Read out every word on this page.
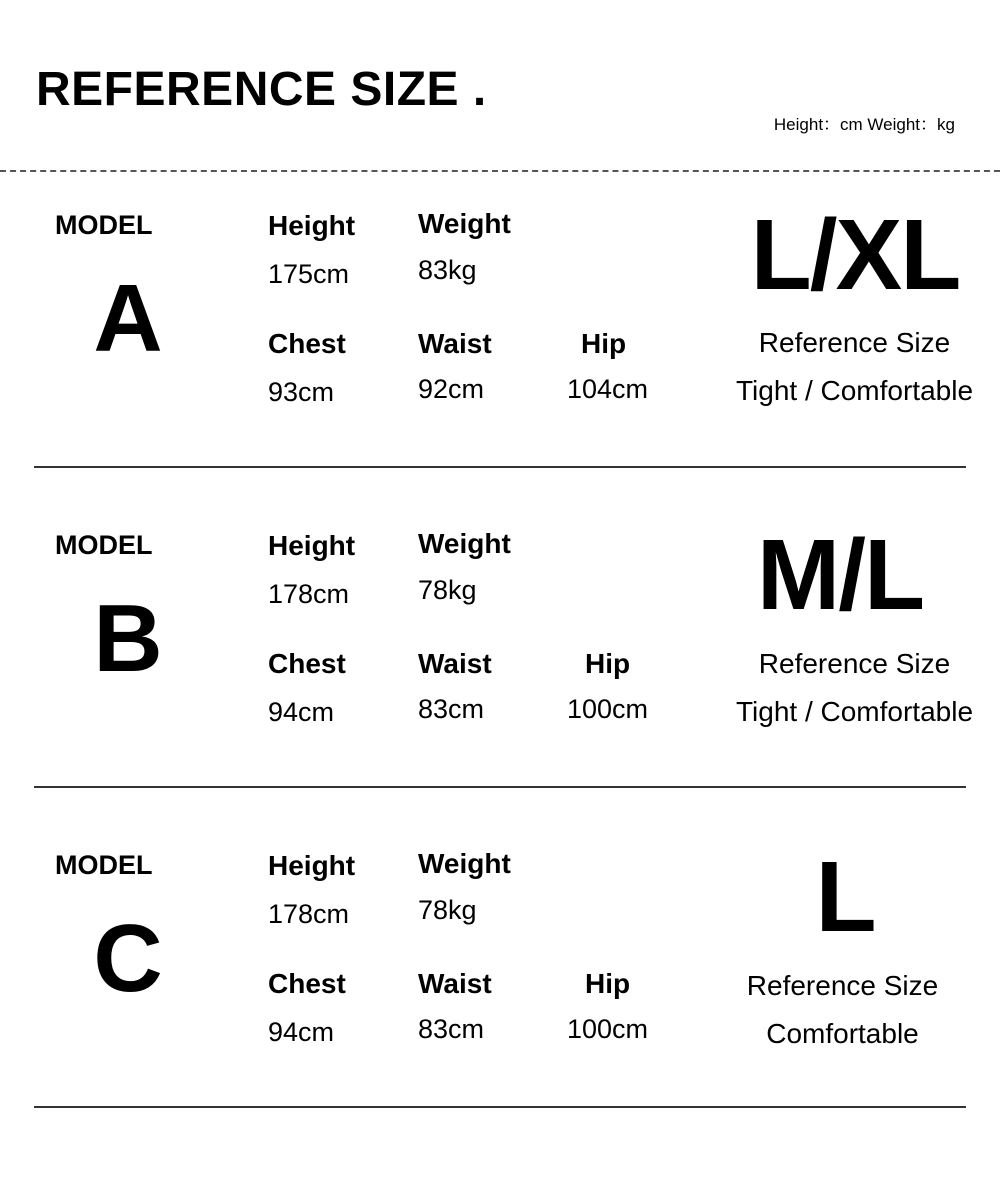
REFERENCE SIZE .
Height：cm Weight：kg
MODEL
A
Height
175cm
Weight
83kg
Chest
93cm
Waist
92cm
Hip
104cm
L/XL
Reference Size
Tight / Comfortable
MODEL
B
Height
178cm
Weight
78kg
Chest
94cm
Waist
83cm
Hip
100cm
M/L
Reference Size
Tight / Comfortable
MODEL
C
Height
178cm
Weight
78kg
Chest
94cm
Waist
83cm
Hip
100cm
L
Reference Size
Comfortable
